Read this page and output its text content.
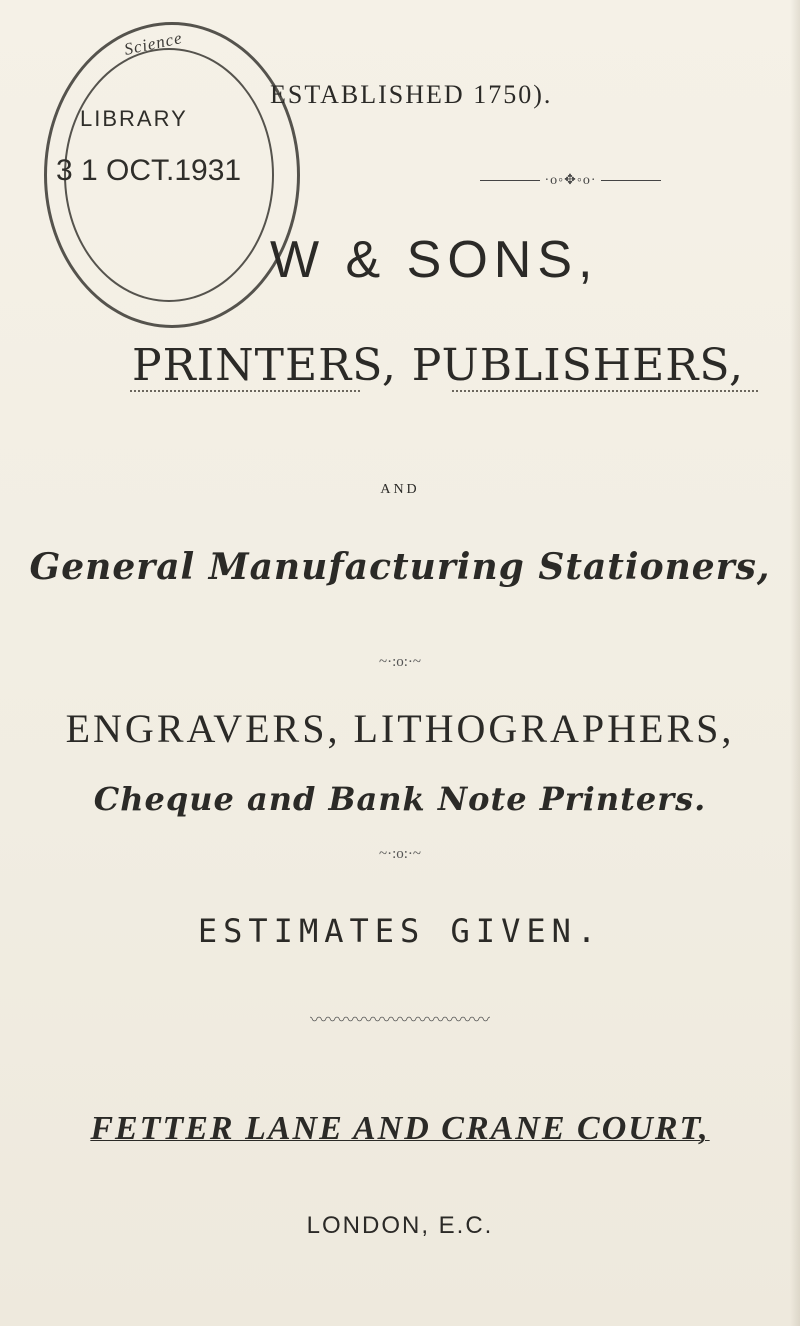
Science
LIBRARY
3 1 OCT.1931
ESTABLISHED 1750).
·o◦✥◦o·
W & SONS,
PRINTERS, PUBLISHERS,
AND
General Manufacturing Stationers,
~·:o:·~
ENGRAVERS, LITHOGRAPHERS,
Cheque and Bank Note Printers.
~·:o:·~
ESTIMATES GIVEN.
〰〰〰〰〰〰〰〰〰〰
FETTER LANE AND CRANE COURT,
LONDON, E.C.
